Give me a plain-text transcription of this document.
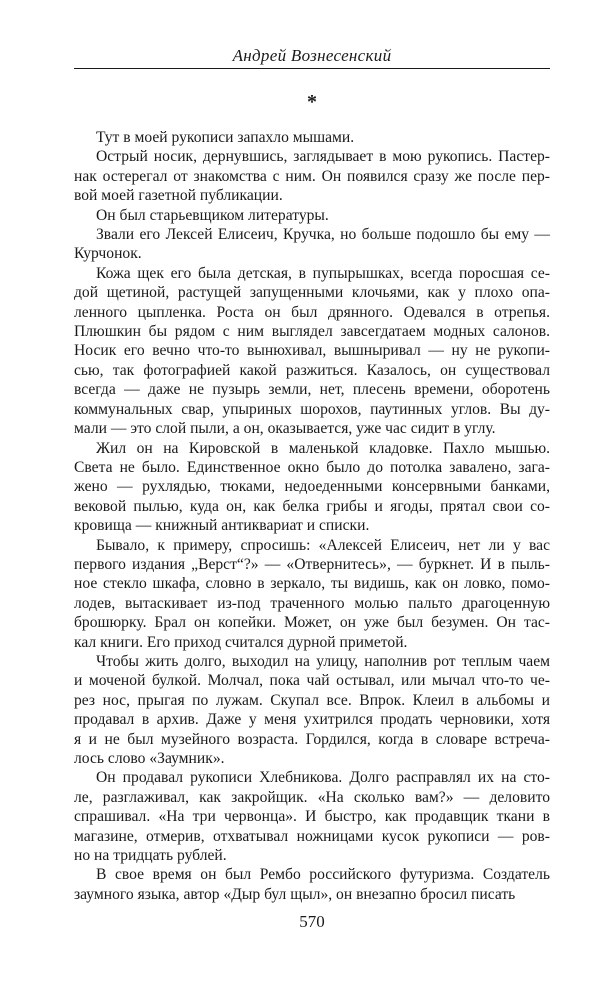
Андрей Вознесенский
*

Тут в моей рукописи запахло мышами.

Острый носик, дернувшись, заглядывает в мою рукопись. Пастер-
нак остерегал от знакомства с ним. Он появился сразу же после пер-
вой моей газетной публикации.

Он был старьевщиком литературы.

Звали его Лексей Елисеич, Кручка, но больше подошло бы ему —
Курчонок.

Кожа щек его была детская, в пупырышках, всегда поросшая се-
дой щетиной, растущей запущенными клочьями, как у плохо опа-
ленного цыпленка. Роста он был дрянного. Одевался в отрепья.
Плюшкин бы рядом с ним выглядел завсегдатаем модных салонов.
Носик его вечно что-то вынюхивал, вышныривал — ну не рукопи-
сью, так фотографией какой разжиться. Казалось, он существовал
всегда — даже не пузырь земли, нет, плесень времени, оборотень
коммунальных свар, упыриных шорохов, паутинных углов. Вы ду-
мали — это слой пыли, а он, оказывается, уже час сидит в углу.

Жил он на Кировской в маленькой кладовке. Пахло мышью.
Света не было. Единственное окно было до потолка завалено, зага-
жено — рухлядью, тюками, недоеденными консервными банками,
вековой пылью, куда он, как белка грибы и ягоды, прятал свои со-
кровища — книжный антиквариат и списки.

Бывало, к примеру, спросишь: «Алексей Елисеич, нет ли у вас
первого издания „Верст“?» — «Отвернитесь», — буркнет. И в пыль-
ное стекло шкафа, словно в зеркало, ты видишь, как он ловко, помо-
лодев, вытаскивает из-под траченного молью пальто драгоценную
брошюрку. Брал он копейки. Может, он уже был безумен. Он тас-
кал книги. Его приход считался дурной приметой.

Чтобы жить долго, выходил на улицу, наполнив рот теплым чаем
и моченой булкой. Молчал, пока чай остывал, или мычал что-то че-
рез нос, прыгая по лужам. Скупал все. Впрок. Клеил в альбомы и
продавал в архив. Даже у меня ухитрился продать черновики, хотя
я и не был музейного возраста. Гордился, когда в словаре встреча-
лось слово «Заумник».

Он продавал рукописи Хлебникова. Долго расправлял их на сто-
ле, разглаживал, как закройщик. «На сколько вам?» — деловито
спрашивал. «На три червонца». И быстро, как продавщик ткани в
магазине, отмерив, отхватывал ножницами кусок рукописи — ров-
но на тридцать рублей.

В свое время он был Рембо российского футуризма. Создатель
заумного языка, автор «Дыр бул щыл», он внезапно бросил писать

570
